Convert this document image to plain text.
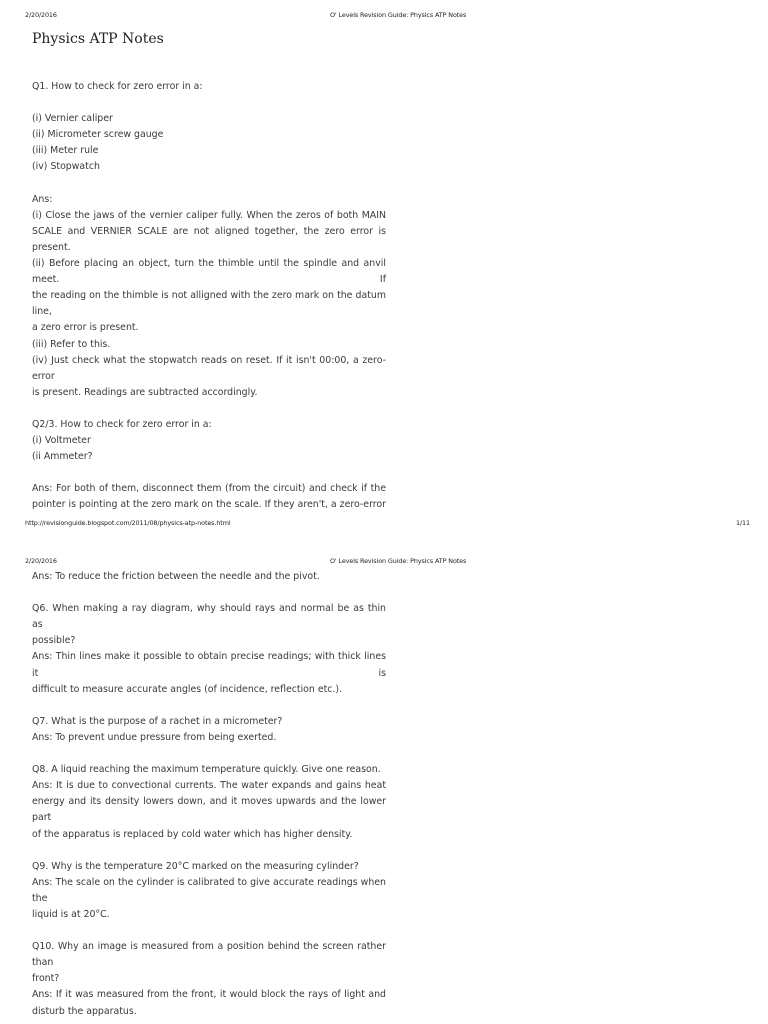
2/20/2016	O' Levels Revision Guide: Physics ATP Notes
Physics ATP Notes

Q1. How to check for zero error in a:

(i) Vernier caliper
(ii) Micrometer screw gauge
(iii) Meter rule
(iv) Stopwatch

Ans:
(i) Close the jaws of the vernier caliper fully. When the zeros of both MAIN
SCALE and VERNIER SCALE are not aligned together, the zero error is present.
(ii) Before placing an object, turn the thimble until the spindle and anvil meet. If
the reading on the thimble is not alligned with the zero mark on the datum line,
a zero error is present.
(iii) Refer to this.
(iv) Just check what the stopwatch reads on reset. If it isn't 00:00, a zero-error
is present. Readings are subtracted accordingly.

Q2/3. How to check for zero error in a:
(i) Voltmeter
(ii Ammeter?

Ans: For both of them, disconnect them (from the circuit) and check if the
pointer is pointing at the zero mark on the scale. If they aren't, a zero-error

http://revisionguide.blogspot.com/2011/08/physics-atp-notes.html	1/11
2/20/2016	O' Levels Revision Guide: Physics ATP Notes

Ans: To reduce the friction between the needle and the pivot.

Q6. When making a ray diagram, why should rays and normal be as thin as
possible?
Ans: Thin lines make it possible to obtain precise readings; with thick lines it is
difficult to measure accurate angles (of incidence, reflection etc.).

Q7. What is the purpose of a rachet in a micrometer?
Ans: To prevent undue pressure from being exerted.

Q8. A liquid reaching the maximum temperature quickly. Give one reason.
Ans: It is due to convectional currents. The water expands and gains heat
energy and its density lowers down, and it moves upwards and the lower part
of the apparatus is replaced by cold water which has higher density.

Q9. Why is the temperature 20°C marked on the measuring cylinder?
Ans: The scale on the cylinder is calibrated to give accurate readings when the
liquid is at 20°C.

Q10. Why an image is measured from a position behind the screen rather than
front?
Ans: If it was measured from the front, it would block the rays of light and
disturb the apparatus.
